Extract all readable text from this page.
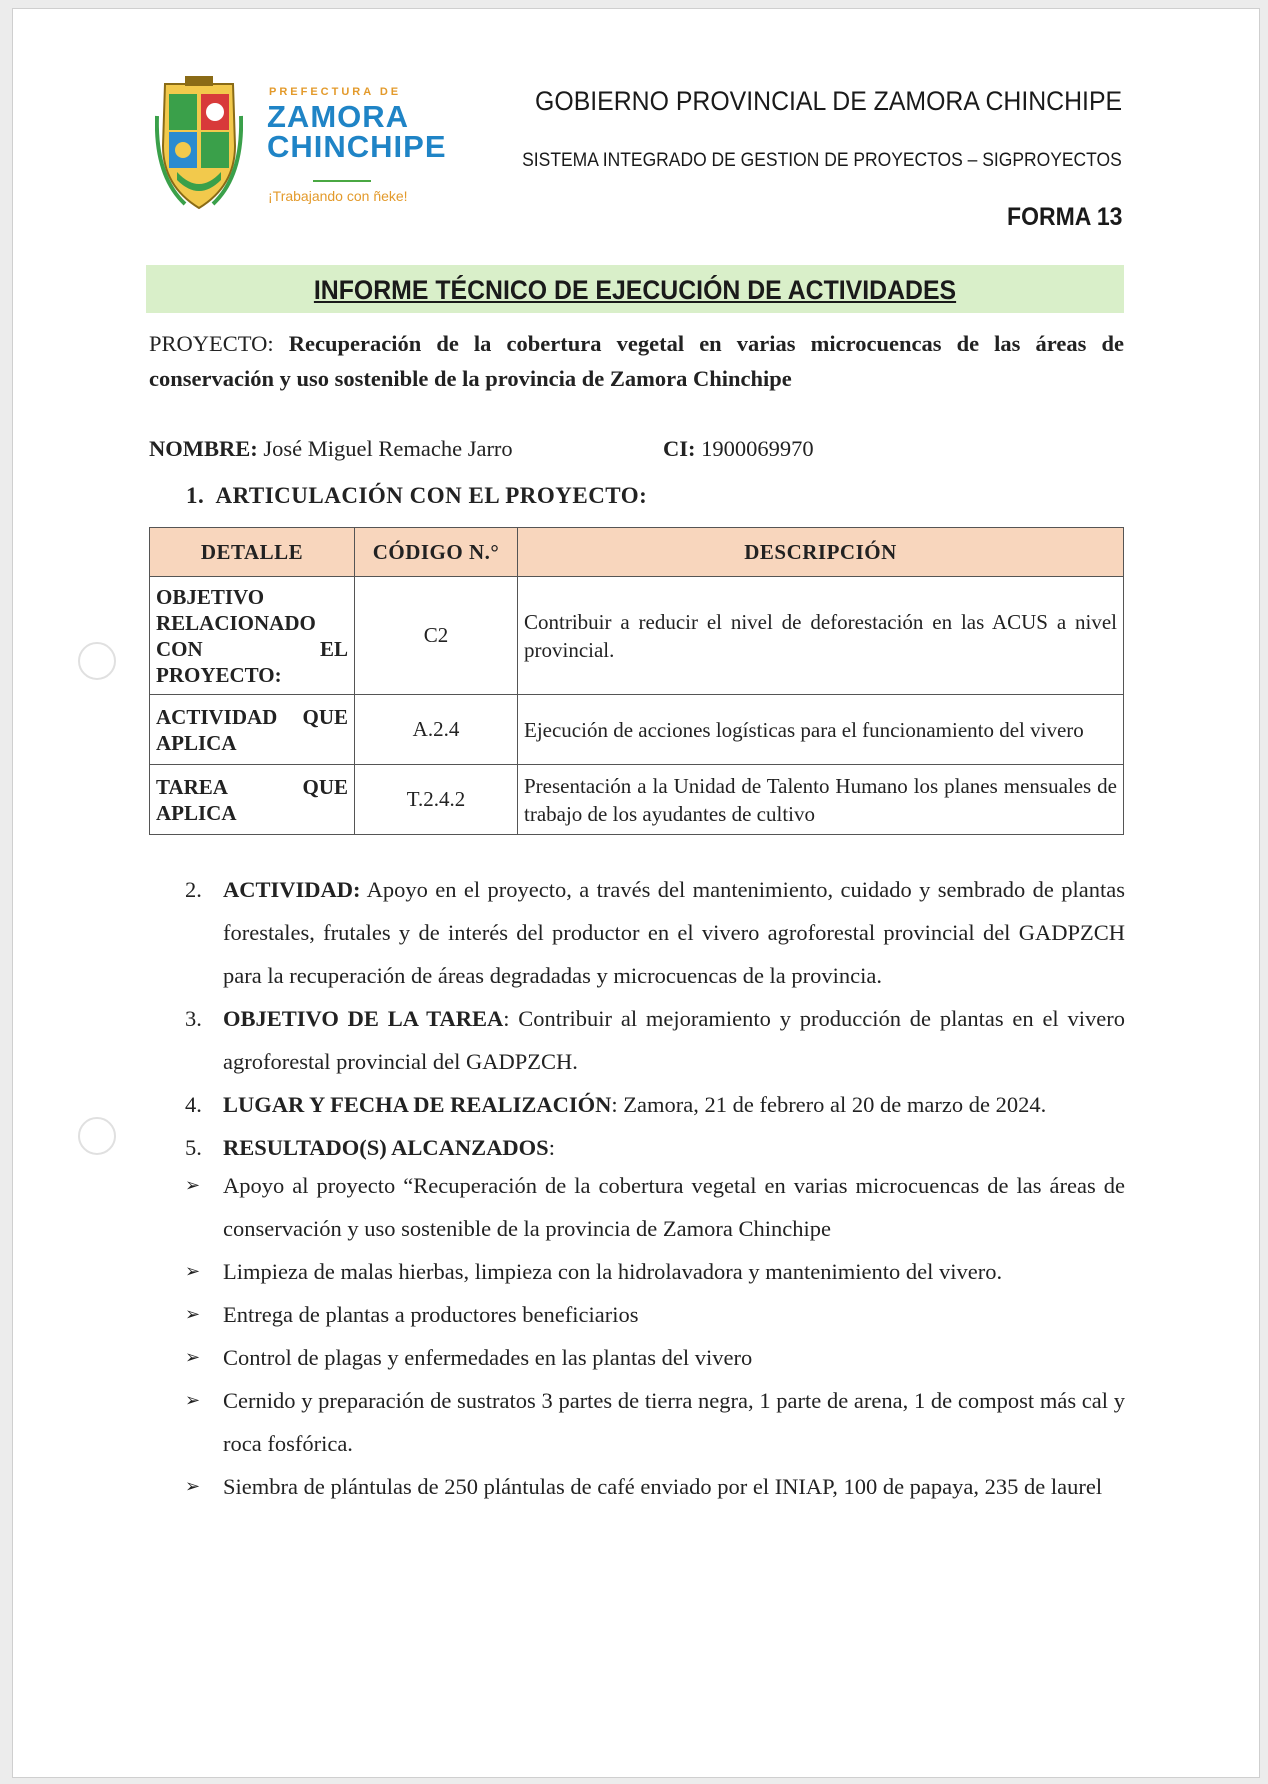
PREFECTURA DE
ZAMORA
CHINCHIPE
¡Trabajando con ñeke!
GOBIERNO PROVINCIAL DE ZAMORA CHINCHIPE
SISTEMA INTEGRADO DE GESTION DE PROYECTOS – SIGPROYECTOS
FORMA 13
INFORME TÉCNICO DE EJECUCIÓN DE ACTIVIDADES
PROYECTO: Recuperación de la cobertura vegetal en varias microcuencas de las áreas de conservación y uso sostenible de la provincia de Zamora Chinchipe
NOMBRE: José Miguel Remache Jarro	CI: 1900069970
1. ARTICULACIÓN CON EL PROYECTO:
DETALLE	CÓDIGO N.°	DESCRIPCIÓN

OBJETIVO
RELACIONADO
CON EL
PROYECTO:	C2	Contribuir a reducir el nivel de deforestación en las ACUS a nivel provincial.

ACTIVIDAD QUE
APLICA	A.2.4	Ejecución de acciones logísticas para el funcionamiento del vivero

TAREA QUE
APLICA	T.2.4.2	Presentación a la Unidad de Talento Humano los planes mensuales de trabajo de los ayudantes de cultivo
2. ACTIVIDAD: Apoyo en el proyecto, a través del mantenimiento, cuidado y sembrado de plantas forestales, frutales y de interés del productor en el vivero agroforestal provincial del GADPZCH para la recuperación de áreas degradadas y microcuencas de la provincia.
3. OBJETIVO DE LA TAREA: Contribuir al mejoramiento y producción de plantas en el vivero agroforestal provincial del GADPZCH.
4. LUGAR Y FECHA DE REALIZACIÓN: Zamora, 21 de febrero al 20 de marzo de 2024.
5. RESULTADO(S) ALCANZADOS:
➢ Apoyo al proyecto “Recuperación de la cobertura vegetal en varias microcuencas de las áreas de conservación y uso sostenible de la provincia de Zamora Chinchipe
➢ Limpieza de malas hierbas, limpieza con la hidrolavadora y mantenimiento del vivero.
➢ Entrega de plantas a productores beneficiarios
➢ Control de plagas y enfermedades en las plantas del vivero
➢ Cernido y preparación de sustratos 3 partes de tierra negra, 1 parte de arena, 1 de compost más cal y roca fosfórica.
➢ Siembra de plántulas de 250 plántulas de café enviado por el INIAP, 100 de papaya, 235 de laurel
